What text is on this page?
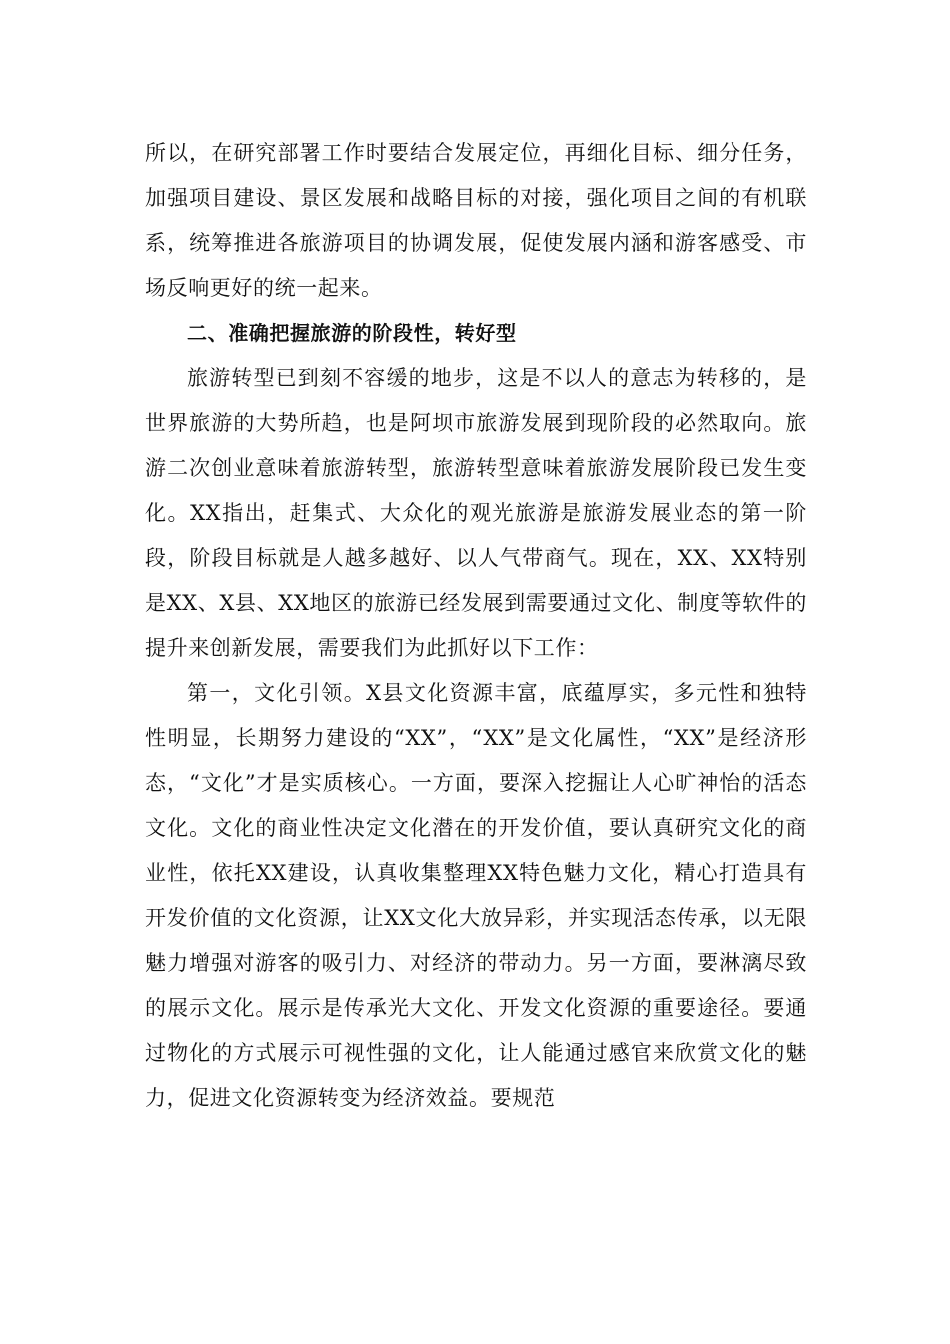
所以，在研究部署工作时要结合发展定位，再细化目标、细分任务，加强项目建设、景区发展和战略目标的对接，强化项目之间的有机联系，统筹推进各旅游项目的协调发展，促使发展内涵和游客感受、市场反响更好的统一起来。

二、准确把握旅游的阶段性，转好型

旅游转型已到刻不容缓的地步，这是不以人的意志为转移的，是世界旅游的大势所趋，也是阿坝市旅游发展到现阶段的必然取向。旅游二次创业意味着旅游转型，旅游转型意味着旅游发展阶段已发生变化。XX指出，赶集式、大众化的观光旅游是旅游发展业态的第一阶段，阶段目标就是人越多越好、以人气带商气。现在，XX、XX特别是XX、X县、XX地区的旅游已经发展到需要通过文化、制度等软件的提升来创新发展，需要我们为此抓好以下工作：

第一，文化引领。X县文化资源丰富，底蕴厚实，多元性和独特性明显，长期努力建设的“XX”，“XX”是文化属性，“XX”是经济形态，“文化”才是实质核心。一方面，要深入挖掘让人心旷神怡的活态文化。文化的商业性决定文化潜在的开发价值，要认真研究文化的商业性，依托XX建设，认真收集整理XX特色魅力文化，精心打造具有开发价值的文化资源，让XX文化大放异彩，并实现活态传承，以无限魅力增强对游客的吸引力、对经济的带动力。另一方面，要淋漓尽致的展示文化。展示是传承光大文化、开发文化资源的重要途径。要通过物化的方式展示可视性强的文化，让人能通过感官来欣赏文化的魅力，促进文化资源转变为经济效益。要规范
